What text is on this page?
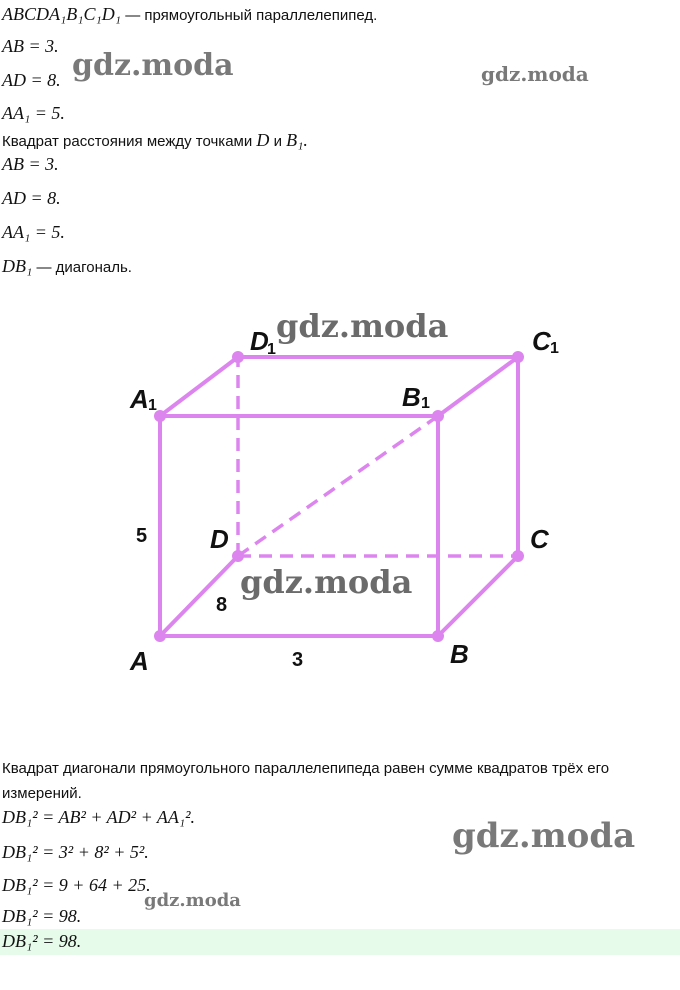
ABCDA₁B₁C₁D₁ — прямоугольный параллелепипед.
AB = 3.
AD = 8.
AA₁ = 5.
Квадрат расстояния между точками D и B₁.
AB = 3.
AD = 8.
AA₁ = 5.
DB₁ — диагональ.
A	B
C
D
A 1	B 1
C 1
D
1
5
8
3
gdz.moda
gdz.moda
Квадрат диагонали прямоугольного параллелепипеда равен сумме квадратов трёх его
измерений.
DB₁² = AB² + AD² + AA₁².
DB₁² = 3² + 8² + 5².
DB₁² = 9 + 64 + 25.
DB₁² = 98.
DB₁² = 98.
gdz.moda	gdz.moda
gdz.moda
gdz.moda
